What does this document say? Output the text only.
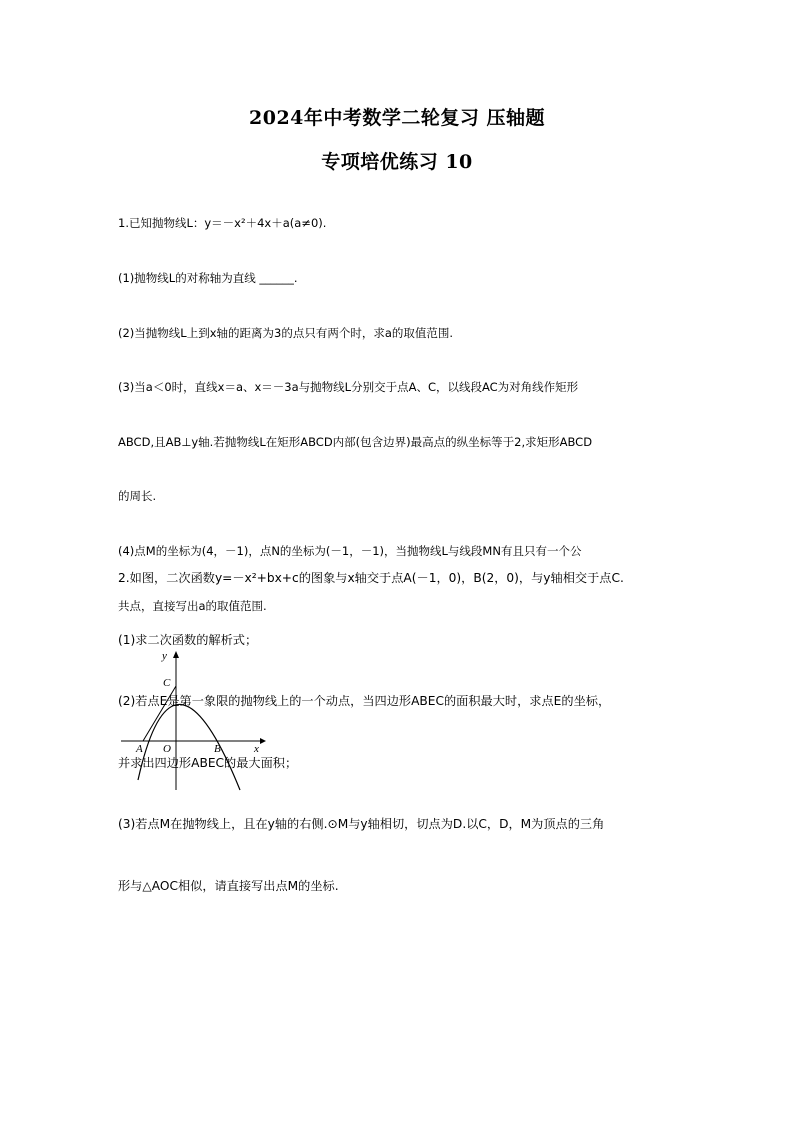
2024年中考数学二轮复习 压轴题
专项培优练习 10

1.已知抛物线L：y＝－x²＋4x＋a(a≠0).

(1)抛物线L的对称轴为直线 ______.

(2)当抛物线L上到x轴的距离为3的点只有两个时，求a的取值范围.

(3)当a＜0时，直线x＝a、x＝－3a与抛物线L分别交于点A、C，以线段AC为对角线作矩形

ABCD,且AB⊥y轴.若抛物线L在矩形ABCD内部(包含边界)最高点的纵坐标等于2,求矩形ABCD

的周长.

(4)点M的坐标为(4，－1)，点N的坐标为(－1，－1)，当抛物线L与线段MN有且只有一个公

共点，直接写出a的取值范围.

2.如图，二次函数y=－x²+bx+c的图象与x轴交于点A(－1，0)，B(2，0)，与y轴相交于点C.

(1)求二次函数的解析式；

(2)若点E是第一象限的抛物线上的一个动点，当四边形ABEC的面积最大时，求点E的坐标，

并求出四边形ABEC的最大面积；

(3)若点M在抛物线上，且在y轴的右侧.⊙M与y轴相切，切点为D.以C，D，M为顶点的三角

形与△AOC相似，请直接写出点M的坐标.

y
x
C
A O	B
